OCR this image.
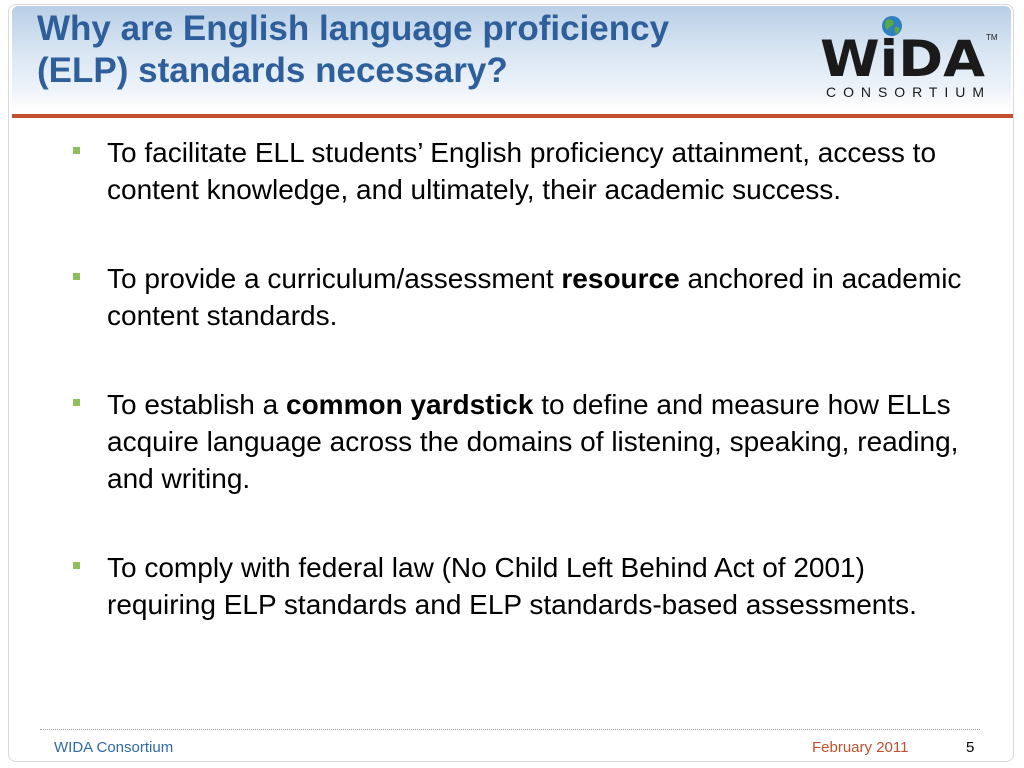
Why are English language proficiency
(ELP) standards necessary?	WiDA TM
CONSORTIUM
To facilitate ELL students’ English proficiency attainment, access to content knowledge, and ultimately, their academic success.
To provide a curriculum/assessment resource anchored in academic content standards.
To establish a common yardstick to define and measure how ELLs acquire language across the domains of listening, speaking, reading, and writing.
To comply with federal law (No Child Left Behind Act of 2001) requiring ELP standards and ELP standards-based assessments.
WIDA Consortium	February 2011	5
